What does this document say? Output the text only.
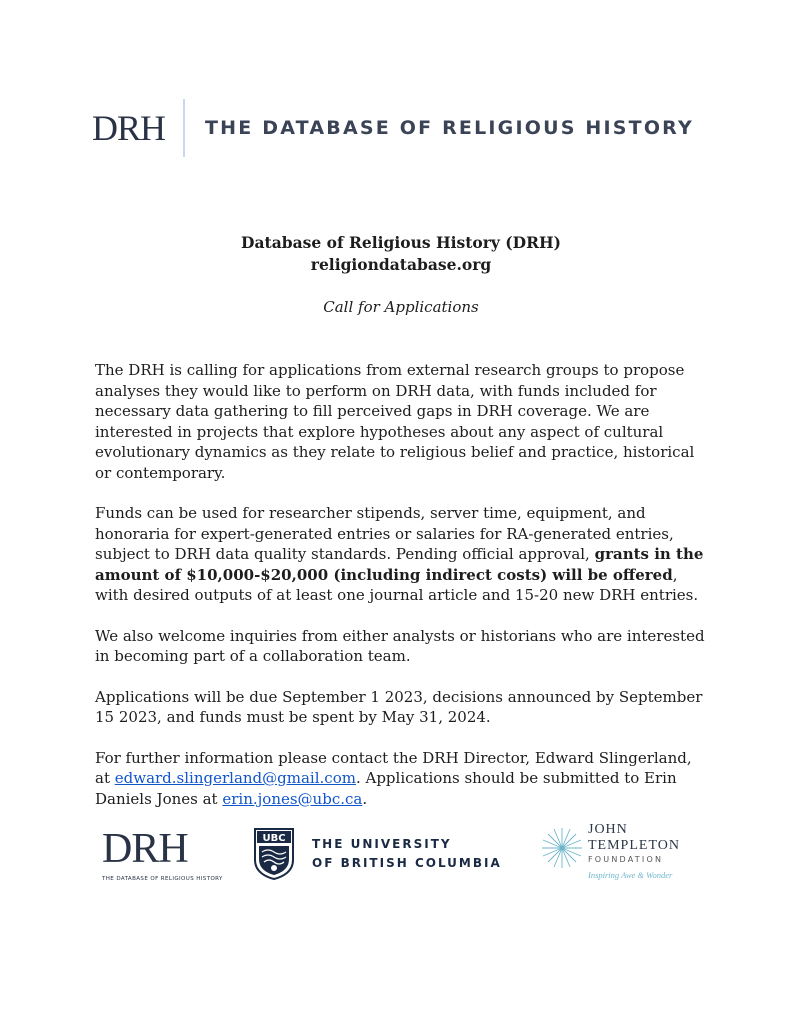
DRH THE DATABASE OF RELIGIOUS HISTORY
Database of Religious History (DRH)
religiondatabase.org
Call for Applications

The DRH is calling for applications from external research groups to propose analyses they would like to perform on DRH data, with funds included for necessary data gathering to fill perceived gaps in DRH coverage. We are interested in projects that explore hypotheses about any aspect of cultural evolutionary dynamics as they relate to religious belief and practice, historical or contemporary.

Funds can be used for researcher stipends, server time, equipment, and honoraria for expert-generated entries or salaries for RA-generated entries, subject to DRH data quality standards. Pending official approval, grants in the amount of $10,000-$20,000 (including indirect costs) will be offered, with desired outputs of at least one journal article and 15-20 new DRH entries.

We also welcome inquiries from either analysts or historians who are interested in becoming part of a collaboration team.

Applications will be due September 1 2023, decisions announced by September 15 2023, and funds must be spent by May 31, 2024.

For further information please contact the DRH Director, Edward Slingerland, at edward.slingerland@gmail.com. Applications should be submitted to Erin Daniels Jones at erin.jones@ubc.ca.

DRH
THE DATABASE OF RELIGIOUS HISTORY
UBC THE UNIVERSITY
OF BRITISH COLUMBIA
JOHN
TEMPLETON
FOUNDATION
Inspiring Awe & Wonder
